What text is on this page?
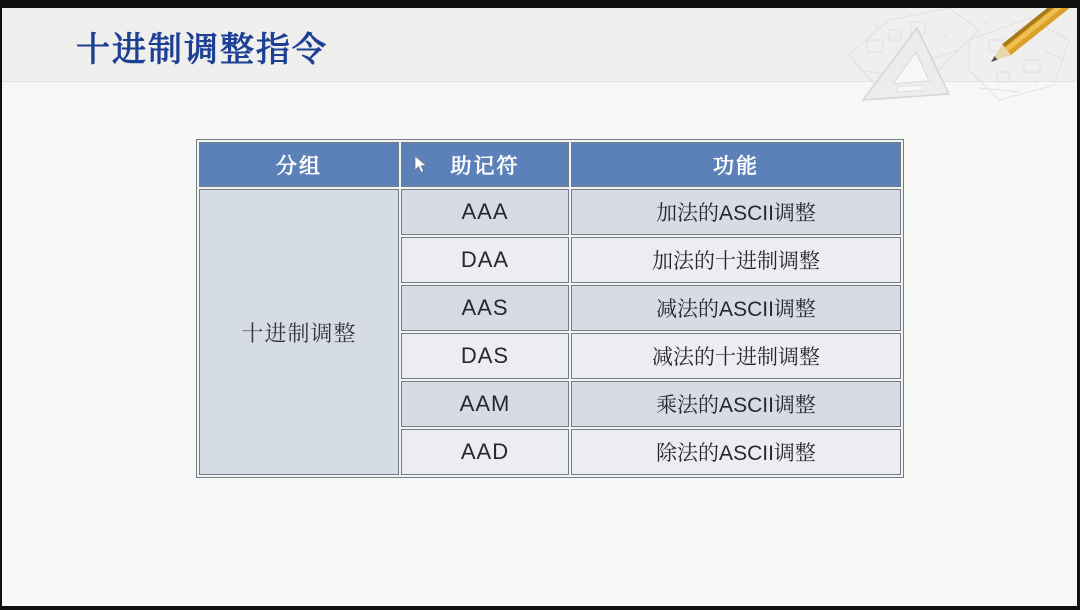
十进制调整指令
分组	助记符	功能
十进制调整	AAA	加法的ASCII调整
	DAA	加法的十进制调整
	AAS	减法的ASCII调整
	DAS	减法的十进制调整
	AAM	乘法的ASCII调整
	AAD	除法的ASCII调整
